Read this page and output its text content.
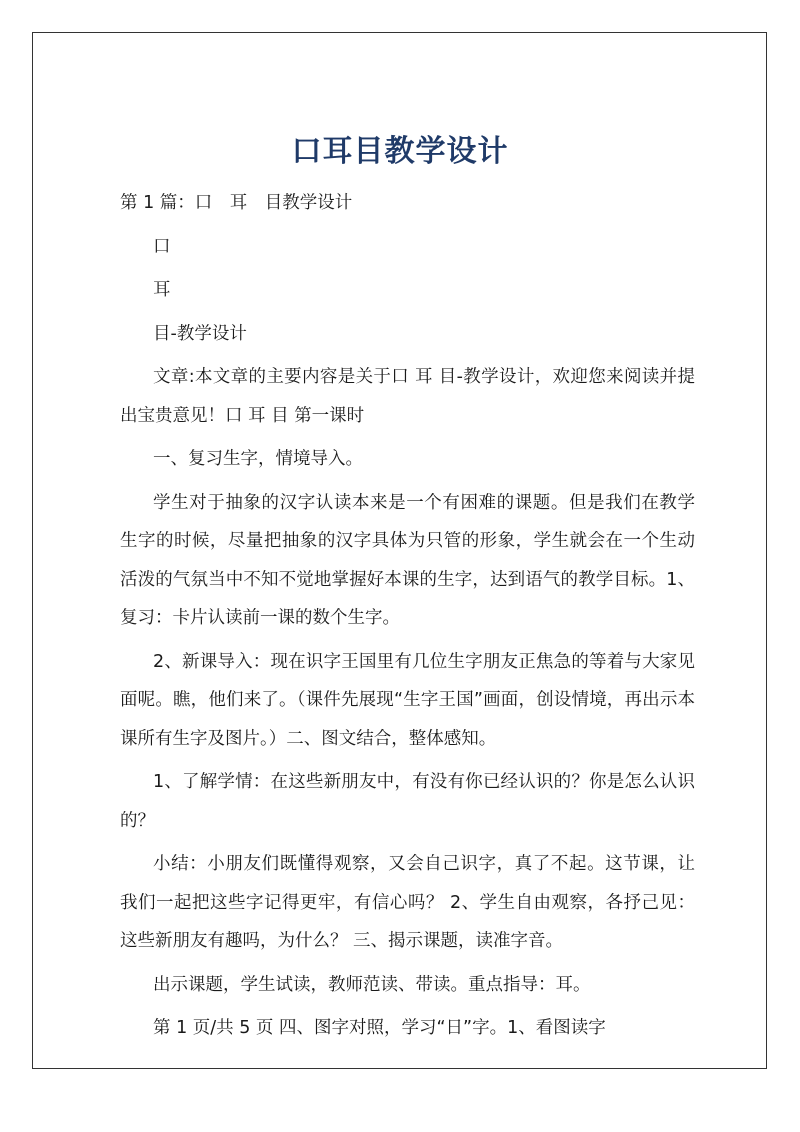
口耳目教学设计

第 1 篇：口　耳　目教学设计

口

耳

目-教学设计

文章:本文章的主要内容是关于口 耳 目-教学设计，欢迎您来阅读并提出宝贵意见！口 耳 目 第一课时

一、复习生字，情境导入。

学生对于抽象的汉字认读本来是一个有困难的课题。但是我们在教学生字的时候，尽量把抽象的汉字具体为只管的形象，学生就会在一个生动活泼的气氛当中不知不觉地掌握好本课的生字，达到语气的教学目标。1、复习：卡片认读前一课的数个生字。

2、新课导入：现在识字王国里有几位生字朋友正焦急的等着与大家见面呢。瞧，他们来了。（课件先展现“生字王国”画面，创设情境，再出示本课所有生字及图片。）二、图文结合，整体感知。

1、了解学情：在这些新朋友中，有没有你已经认识的？你是怎么认识的？

小结：小朋友们既懂得观察，又会自己识字，真了不起。这节课，让我们一起把这些字记得更牢，有信心吗？ 2、学生自由观察，各抒己见：这些新朋友有趣吗，为什么？ 三、揭示课题，读准字音。

出示课题，学生试读，教师范读、带读。重点指导：耳。

第 1 页/共 5 页 四、图字对照，学习“日”字。1、看图读字
